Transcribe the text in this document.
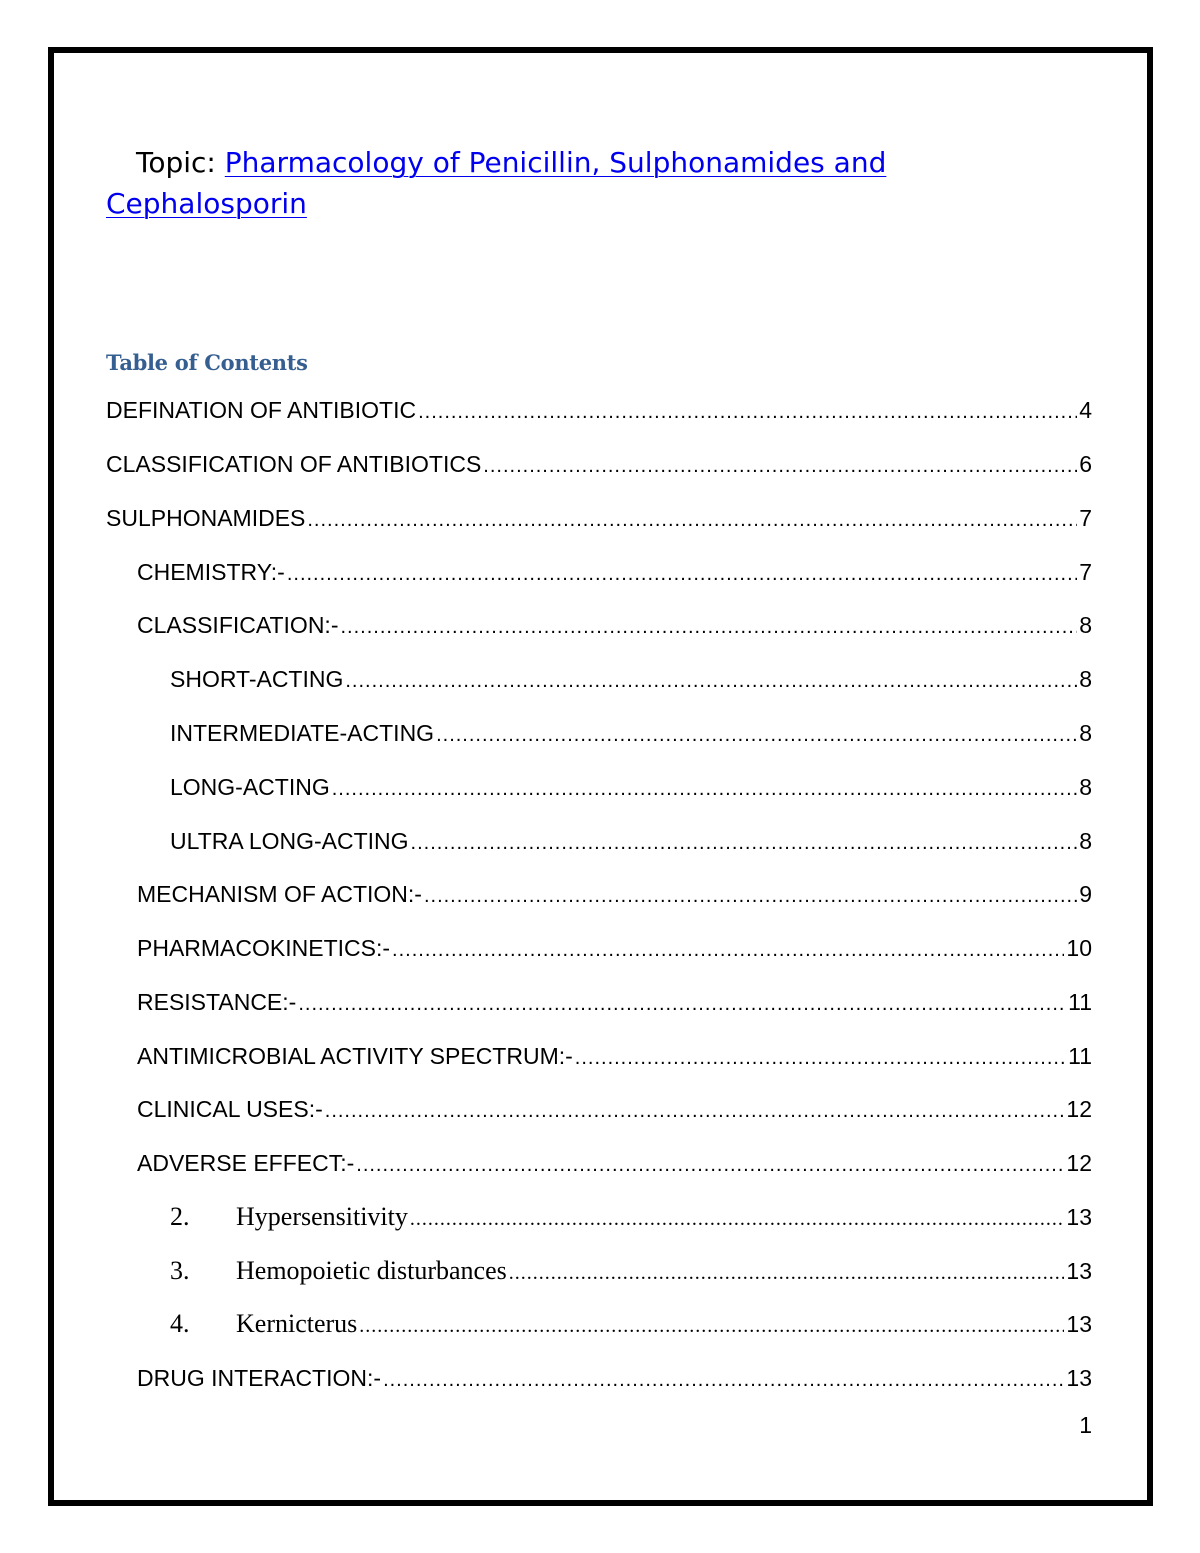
Topic: Pharmacology of Penicillin, Sulphonamides and Cephalosporin
Table of Contents
DEFINATION OF ANTIBIOTIC .....	4
CLASSIFICATION OF ANTIBIOTICS .....	6
SULPHONAMIDES .....	7
CHEMISTRY:- .....	7
CLASSIFICATION:- .....	8
SHORT-ACTING .....	8
INTERMEDIATE-ACTING .....	8
LONG-ACTING .....	8
ULTRA LONG-ACTING .....	8
MECHANISM OF ACTION:- .....	9
PHARMACOKINETICS:- .....	10
RESISTANCE:- .....	11
ANTIMICROBIAL ACTIVITY SPECTRUM:- .....	11
CLINICAL USES:- .....	12
ADVERSE EFFECT:- .....	12
2.	Hypersensitivity .....	13
3.	Hemopoietic disturbances .....	13
4.	Kernicterus .....	13
DRUG INTERACTION:- .....	13
1
